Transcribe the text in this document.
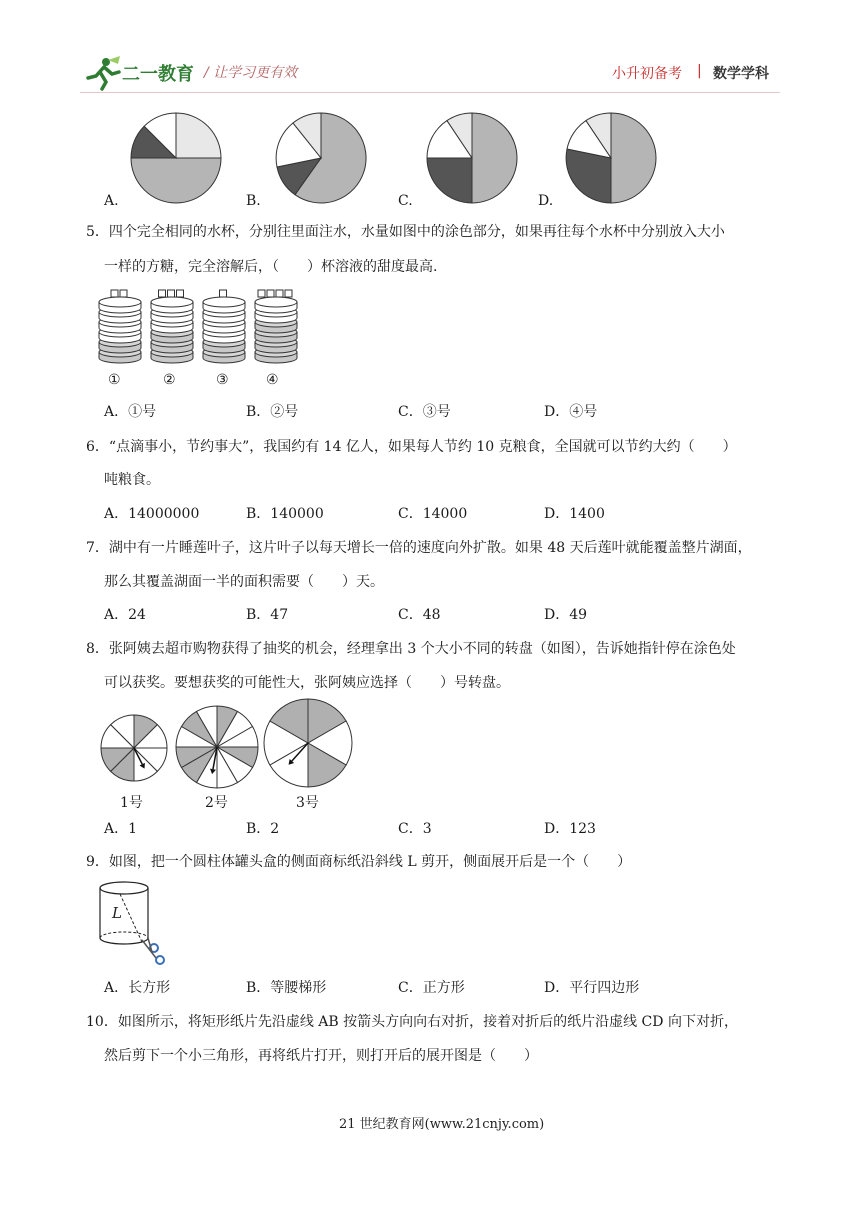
二一教育 / 让学习更有效	小升初备考 | 数学学科
A.	B.	C.	D.
5．四个完全相同的水杯，分别往里面注水，水量如图中的涂色部分，如果再往每个水杯中分别放入大小
一样的方糖，完全溶解后，（　　）杯溶液的甜度最高.
①	②	③	④
A．①号	B．②号	C．③号	D．④号
6．“点滴事小，节约事大”，我国约有 14 亿人，如果每人节约 10 克粮食，全国就可以节约大约（　　）
吨粮食。
A．14000000	B．140000	C．14000	D．1400
7．湖中有一片睡莲叶子，这片叶子以每天增长一倍的速度向外扩散。如果 48 天后莲叶就能覆盖整片湖面，
那么其覆盖湖面一半的面积需要（　　）天。
A．24	B．47	C．48	D．49
8．张阿姨去超市购物获得了抽奖的机会，经理拿出 3 个大小不同的转盘（如图），告诉她指针停在涂色处
可以获奖。要想获奖的可能性大，张阿姨应选择（　　）号转盘。
1号	2号	3号
A．1	B．2	C．3	D．123
9．如图，把一个圆柱体罐头盒的侧面商标纸沿斜线 L 剪开，侧面展开后是一个（　　）
L
A．长方形	B．等腰梯形	C．正方形	D．平行四边形
10．如图所示，将矩形纸片先沿虚线 AB 按箭头方向向右对折，接着对折后的纸片沿虚线 CD 向下对折，
然后剪下一个小三角形，再将纸片打开，则打开后的展开图是（　　）
21 世纪教育网(www.21cnjy.com)
